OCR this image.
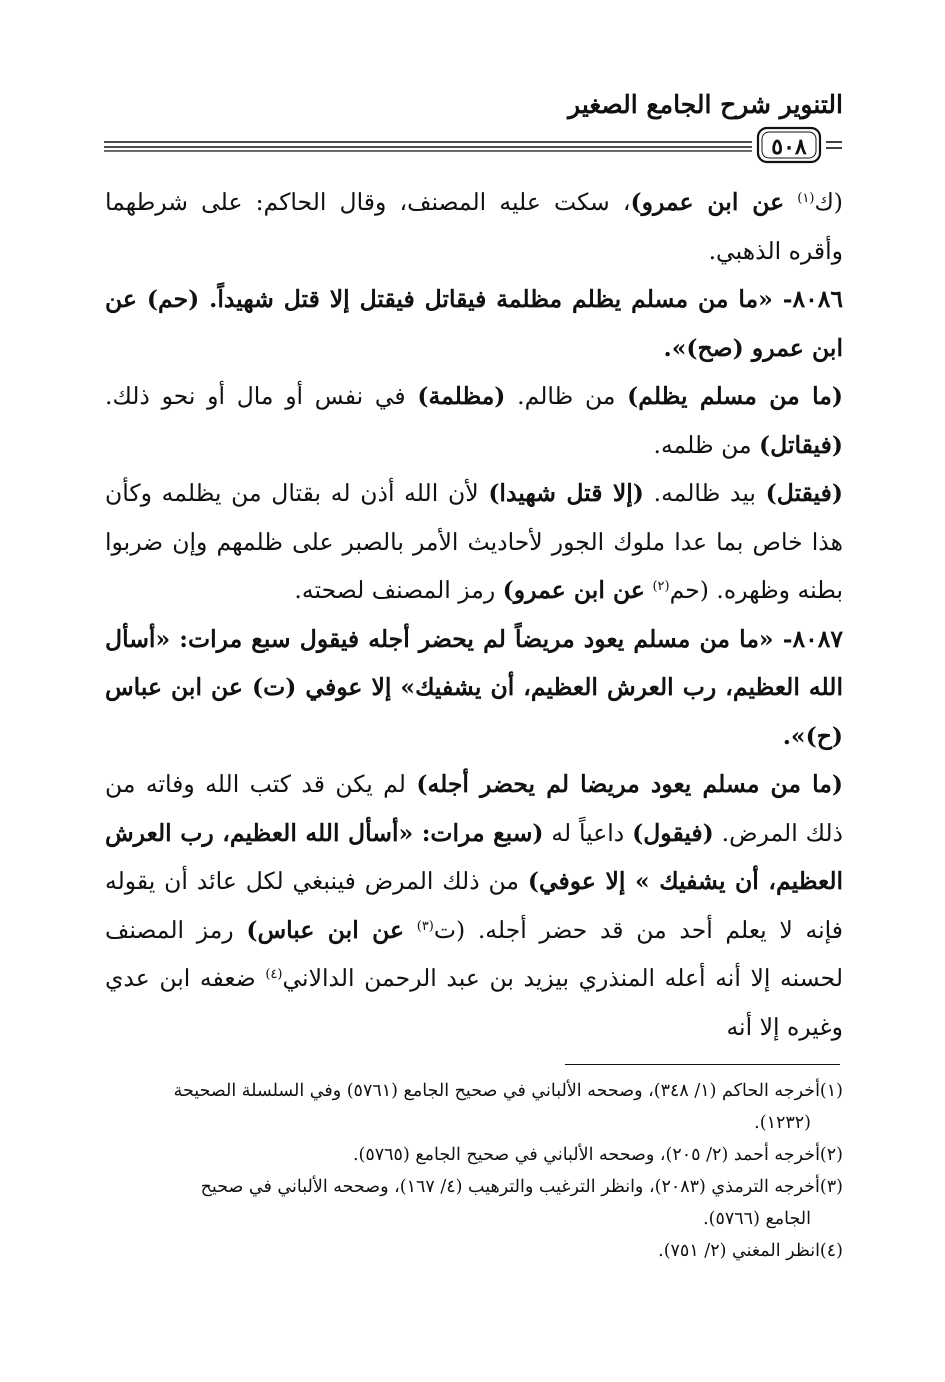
التنوير شرح الجامع الصغير
٥٠٨

(ك$^{(١)}$ عن ابن عمرو)، سكت عليه المصنف، وقال الحاكم: على شرطهما وأقره الذهبي.

٨٠٨٦- «ما من مسلم يظلم مظلمة فيقاتل فيقتل إلا قتل شهيداً. (حم) عن ابن عمرو (صح)».

(ما من مسلم يظلم) من ظالم. (مظلمة) في نفس أو مال أو نحو ذلك. (فيقاتل) من ظلمه.

(فيقتل) بيد ظالمه. (إلا قتل شهيدا) لأن الله أذن له بقتال من يظلمه وكأن هذا خاص بما عدا ملوك الجور لأحاديث الأمر بالصبر على ظلمهم وإن ضربوا بطنه وظهره. (حم$^{(٢)}$ عن ابن عمرو) رمز المصنف لصحته.

٨٠٨٧- «ما من مسلم يعود مريضاً لم يحضر أجله فيقول سبع مرات: «أسأل الله العظيم، رب العرش العظيم، أن يشفيك» إلا عوفي (ت) عن ابن عباس (ح)».

(ما من مسلم يعود مريضا لم يحضر أجله) لم يكن قد كتب الله وفاته من ذلك المرض. (فيقول) داعياً له (سبع مرات: «أسأل الله العظيم، رب العرش العظيم، أن يشفيك » إلا عوفي) من ذلك المرض فينبغي لكل عائد أن يقوله فإنه لا يعلم أحد من قد حضر أجله. (ت$^{(٣)}$ عن ابن عباس) رمز المصنف لحسنه إلا أنه أعله المنذري بيزيد بن عبد الرحمن الدالاني$^{(٤)}$ ضعفه ابن عدي وغيره إلا أنه

(١)أخرجه الحاكم (١/ ٣٤٨)، وصححه الألباني في صحيح الجامع (٥٧٦١) وفي السلسلة الصحيحة

(١٢٣٢).

(٢)أخرجه أحمد (٢/ ٢٠٥)، وصححه الألباني في صحيح الجامع (٥٧٦٥).

(٣)أخرجه الترمذي (٢٠٨٣)، وانظر الترغيب والترهيب (٤/ ١٦٧)، وصححه الألباني في صحيح

الجامع (٥٧٦٦).

(٤)انظر المغني (٢/ ٧٥١).
